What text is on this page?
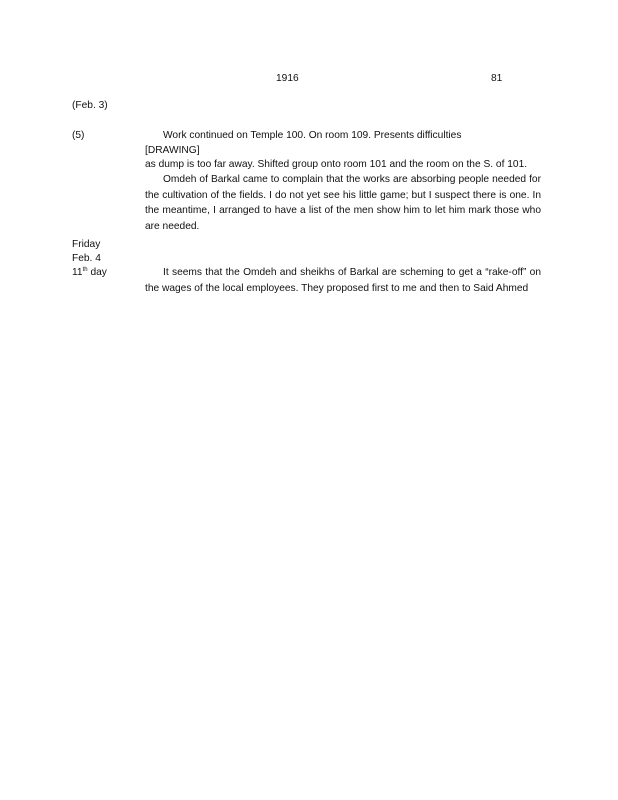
1916	81
(Feb. 3)
(5)	Work continued on Temple 100. On room 109. Presents difficulties
[DRAWING]
as dump is too far away. Shifted group onto room 101 and the room on the S. of 101.
Omdeh of Barkal came to complain that the works are absorbing people needed for the cultivation of the fields. I do not yet see his little game; but I suspect there is one. In the meantime, I arranged to have a list of the men show him to let him mark those who are needed.
Friday
Feb. 4
11th day	It seems that the Omdeh and sheikhs of Barkal are scheming to get a “rake-off” on the wages of the local employees. They proposed first to me and then to Said Ahmed
